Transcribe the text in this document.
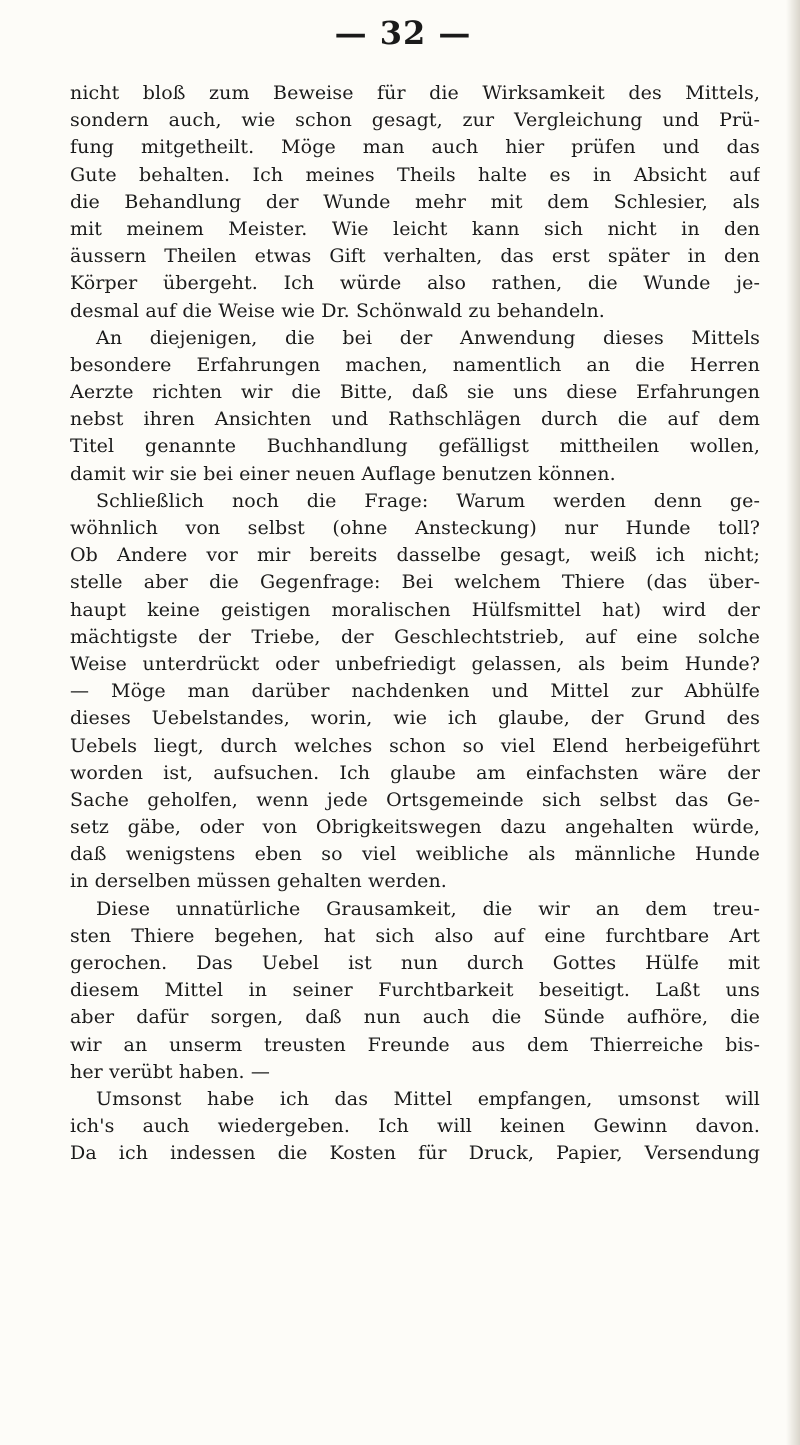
— 32 —
nicht bloß zum Beweise für die Wirksamkeit des Mittels,
sondern auch, wie schon gesagt, zur Vergleichung und Prü-
fung mitgetheilt. Möge man auch hier prüfen und das
Gute behalten. Ich meines Theils halte es in Absicht auf
die Behandlung der Wunde mehr mit dem Schlesier, als
mit meinem Meister. Wie leicht kann sich nicht in den
äussern Theilen etwas Gift verhalten, das erst später in den
Körper übergeht. Ich würde also rathen, die Wunde je-
desmal auf die Weise wie Dr. Schönwald zu behandeln.
An diejenigen, die bei der Anwendung dieses Mittels
besondere Erfahrungen machen, namentlich an die Herren
Aerzte richten wir die Bitte, daß sie uns diese Erfahrungen
nebst ihren Ansichten und Rathschlägen durch die auf dem
Titel genannte Buchhandlung gefälligst mittheilen wollen,
damit wir sie bei einer neuen Auflage benutzen können.
Schließlich noch die Frage: Warum werden denn ge-
wöhnlich von selbst (ohne Ansteckung) nur Hunde toll?
Ob Andere vor mir bereits dasselbe gesagt, weiß ich nicht;
stelle aber die Gegenfrage: Bei welchem Thiere (das über-
haupt keine geistigen moralischen Hülfsmittel hat) wird der
mächtigste der Triebe, der Geschlechtstrieb, auf eine solche
Weise unterdrückt oder unbefriedigt gelassen, als beim Hunde?
— Möge man darüber nachdenken und Mittel zur Abhülfe
dieses Uebelstandes, worin, wie ich glaube, der Grund des
Uebels liegt, durch welches schon so viel Elend herbeigeführt
worden ist, aufsuchen. Ich glaube am einfachsten wäre der
Sache geholfen, wenn jede Ortsgemeinde sich selbst das Ge-
setz gäbe, oder von Obrigkeitswegen dazu angehalten würde,
daß wenigstens eben so viel weibliche als männliche Hunde
in derselben müssen gehalten werden.
Diese unnatürliche Grausamkeit, die wir an dem treu-
sten Thiere begehen, hat sich also auf eine furchtbare Art
gerochen. Das Uebel ist nun durch Gottes Hülfe mit
diesem Mittel in seiner Furchtbarkeit beseitigt. Laßt uns
aber dafür sorgen, daß nun auch die Sünde aufhöre, die
wir an unserm treusten Freunde aus dem Thierreiche bis-
her verübt haben. —
Umsonst habe ich das Mittel empfangen, umsonst will
ich's auch wiedergeben. Ich will keinen Gewinn davon.
Da ich indessen die Kosten für Druck, Papier, Versendung
